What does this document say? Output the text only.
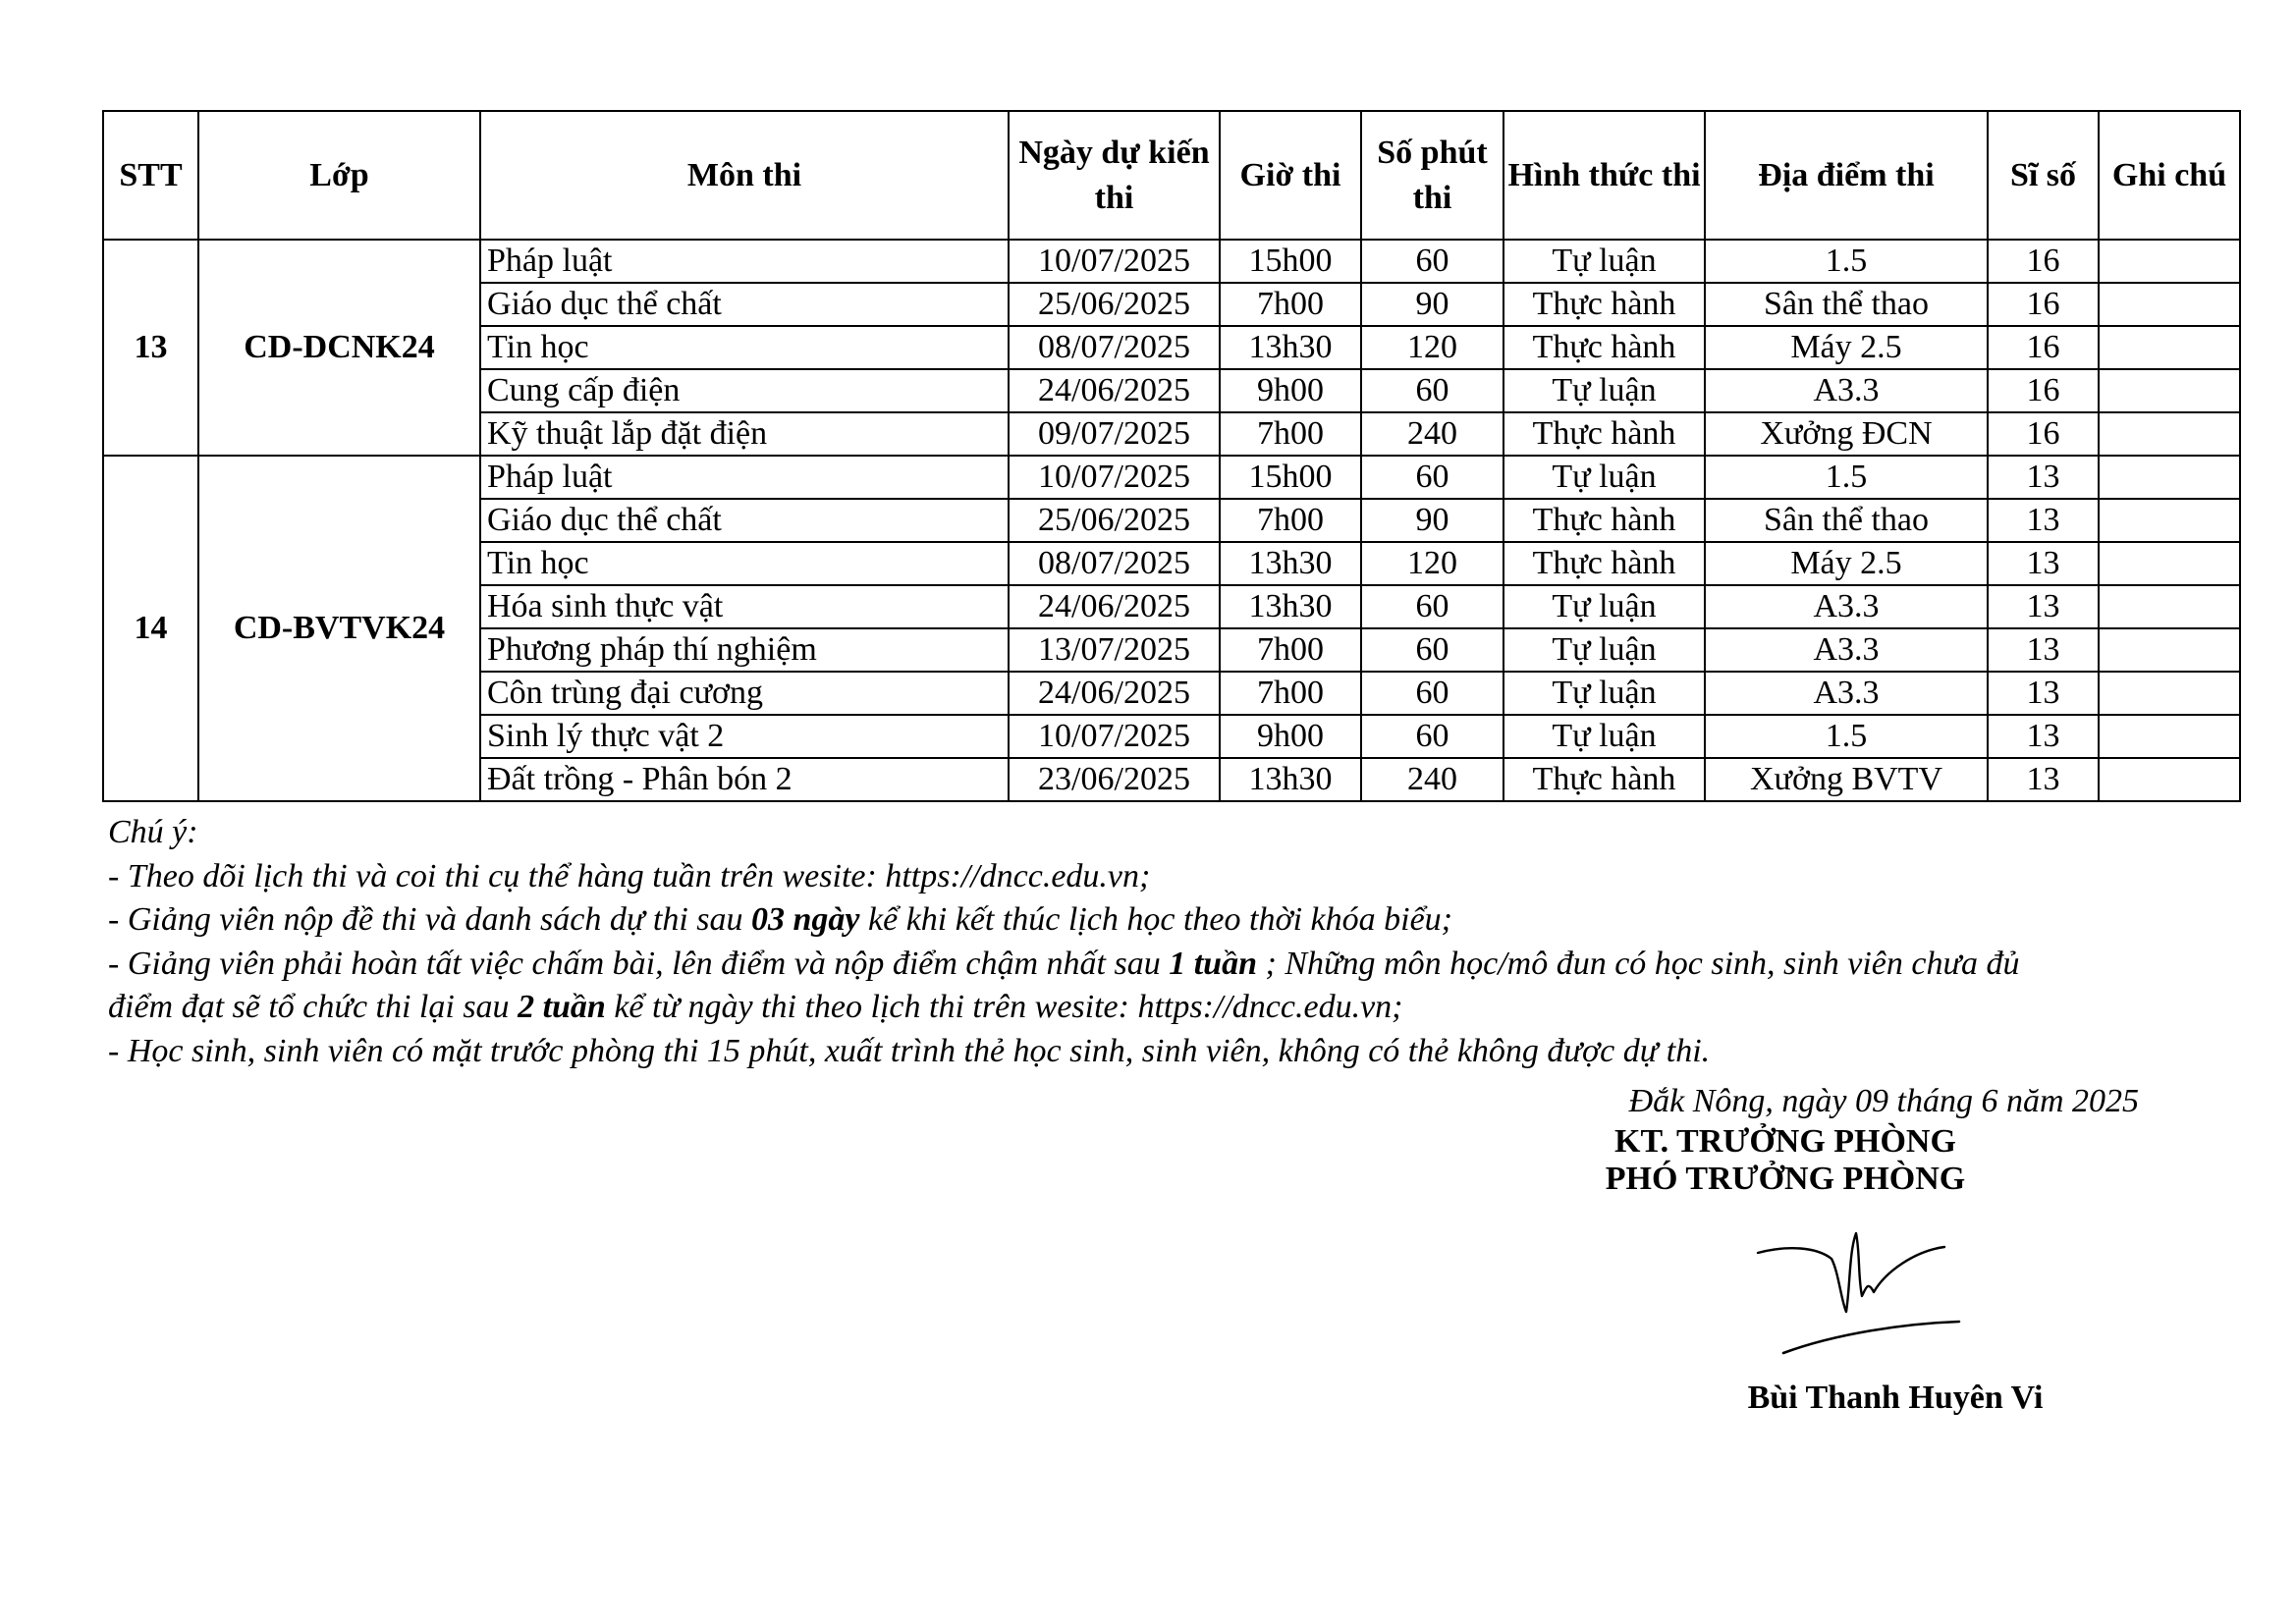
STT	Lớp	Môn thi	Ngày dự kiến thi	Giờ thi	Số phút thi	Hình thức thi	Địa điểm thi	Sĩ số	Ghi chú
13	CD-DCNK24	Pháp luật	10/07/2025	15h00	60	Tự luận	1.5	16	
		Giáo dục thể chất	25/06/2025	7h00	90	Thực hành	Sân thể thao	16	
		Tin học	08/07/2025	13h30	120	Thực hành	Máy 2.5	16	
		Cung cấp điện	24/06/2025	9h00	60	Tự luận	A3.3	16	
		Kỹ thuật lắp đặt điện	09/07/2025	7h00	240	Thực hành	Xưởng ĐCN	16	
14	CD-BVTVK24	Pháp luật	10/07/2025	15h00	60	Tự luận	1.5	13	
		Giáo dục thể chất	25/06/2025	7h00	90	Thực hành	Sân thể thao	13	
		Tin học	08/07/2025	13h30	120	Thực hành	Máy 2.5	13	
		Hóa sinh thực vật	24/06/2025	13h30	60	Tự luận	A3.3	13	
		Phương pháp thí nghiệm	13/07/2025	7h00	60	Tự luận	A3.3	13	
		Côn trùng đại cương	24/06/2025	7h00	60	Tự luận	A3.3	13	
		Sinh lý thực vật 2	10/07/2025	9h00	60	Tự luận	1.5	13	
		Đất trồng - Phân bón 2	23/06/2025	13h30	240	Thực hành	Xưởng BVTV	13	
Chú ý:
- Theo dõi lịch thi và coi thi cụ thể hàng tuần trên wesite: https://dncc.edu.vn;
- Giảng viên nộp đề thi và danh sách dự thi sau 03 ngày kể khi kết thúc lịch học theo thời khóa biểu;
- Giảng viên phải hoàn tất việc chấm bài, lên điểm và nộp điểm chậm nhất sau 1 tuần ; Những môn học/mô đun có học sinh, sinh viên chưa đủ
điểm đạt sẽ tổ chức thi lại sau 2 tuần kể từ ngày thi theo lịch thi trên wesite: https://dncc.edu.vn;
- Học sinh, sinh viên có mặt trước phòng thi 15 phút, xuất trình thẻ học sinh, sinh viên, không có thẻ không được dự thi.
Đắk Nông, ngày 09 tháng 6 năm 2025
KT. TRƯỞNG PHÒNG
PHÓ TRƯỞNG PHÒNG
Bùi Thanh Huyên Vi
